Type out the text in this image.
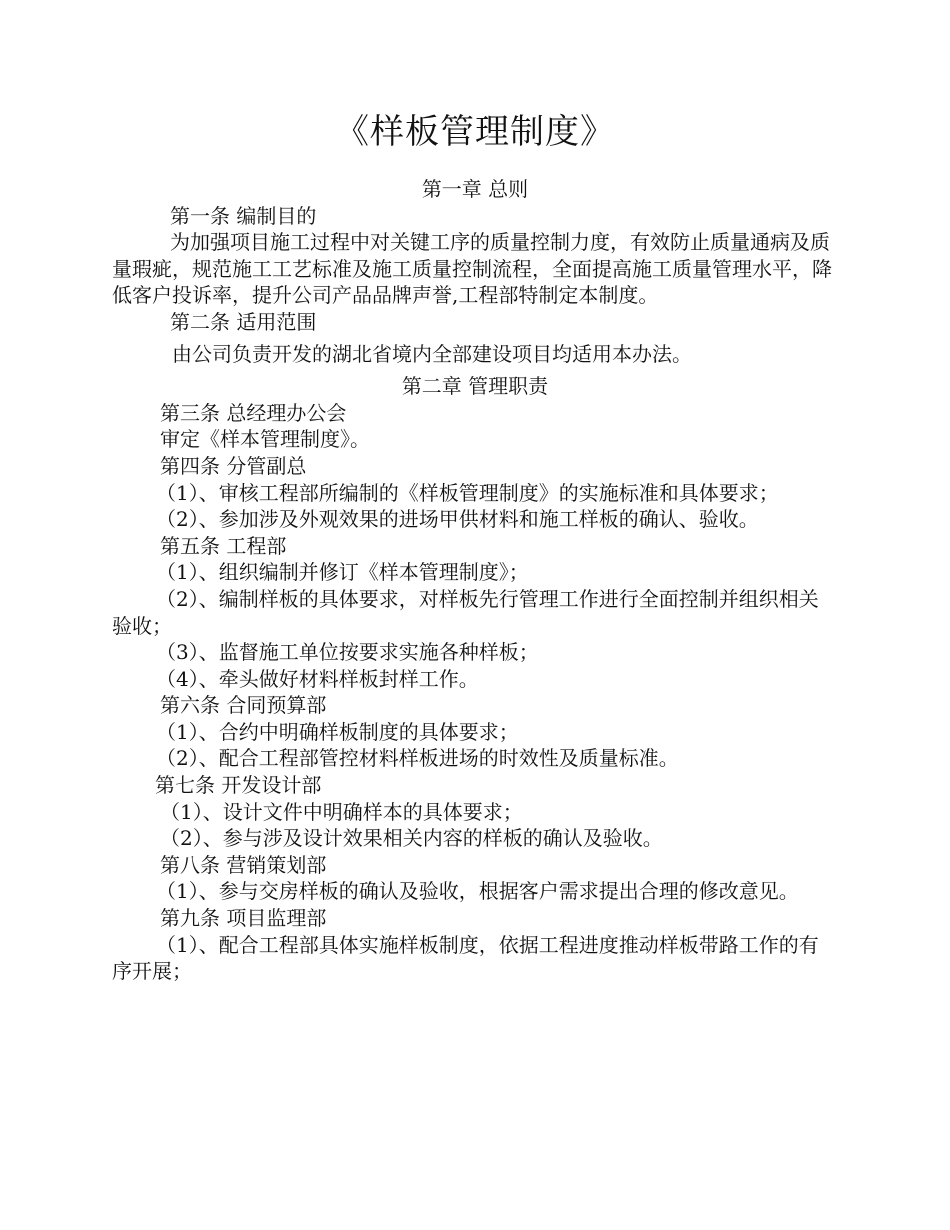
《样板管理制度》

第一章 总则

第一条 编制目的

为加强项目施工过程中对关键工序的质量控制力度，有效防止质量通病及质量瑕疵，规范施工工艺标准及施工质量控制流程，全面提高施工质量管理水平，降低客户投诉率，提升公司产品品牌声誉,工程部特制定本制度。

第二条 适用范围

由公司负责开发的湖北省境内全部建设项目均适用本办法。

第二章 管理职责

第三条 总经理办公会

审定《样本管理制度》。

第四条 分管副总

（1）、审核工程部所编制的《样板管理制度》的实施标准和具体要求；

（2）、参加涉及外观效果的进场甲供材料和施工样板的确认、验收。

第五条 工程部

（1）、组织编制并修订《样本管理制度》；

（2）、编制样板的具体要求，对样板先行管理工作进行全面控制并组织相关验收；

（3）、监督施工单位按要求实施各种样板；

（4）、牵头做好材料样板封样工作。

第六条 合同预算部

（1）、合约中明确样板制度的具体要求；

（2）、配合工程部管控材料样板进场的时效性及质量标准。

第七条 开发设计部

（1）、设计文件中明确样本的具体要求；

（2）、参与涉及设计效果相关内容的样板的确认及验收。

第八条 营销策划部

（1）、参与交房样板的确认及验收，根据客户需求提出合理的修改意见。

第九条 项目监理部

（1）、配合工程部具体实施样板制度，依据工程进度推动样板带路工作的有序开展；
